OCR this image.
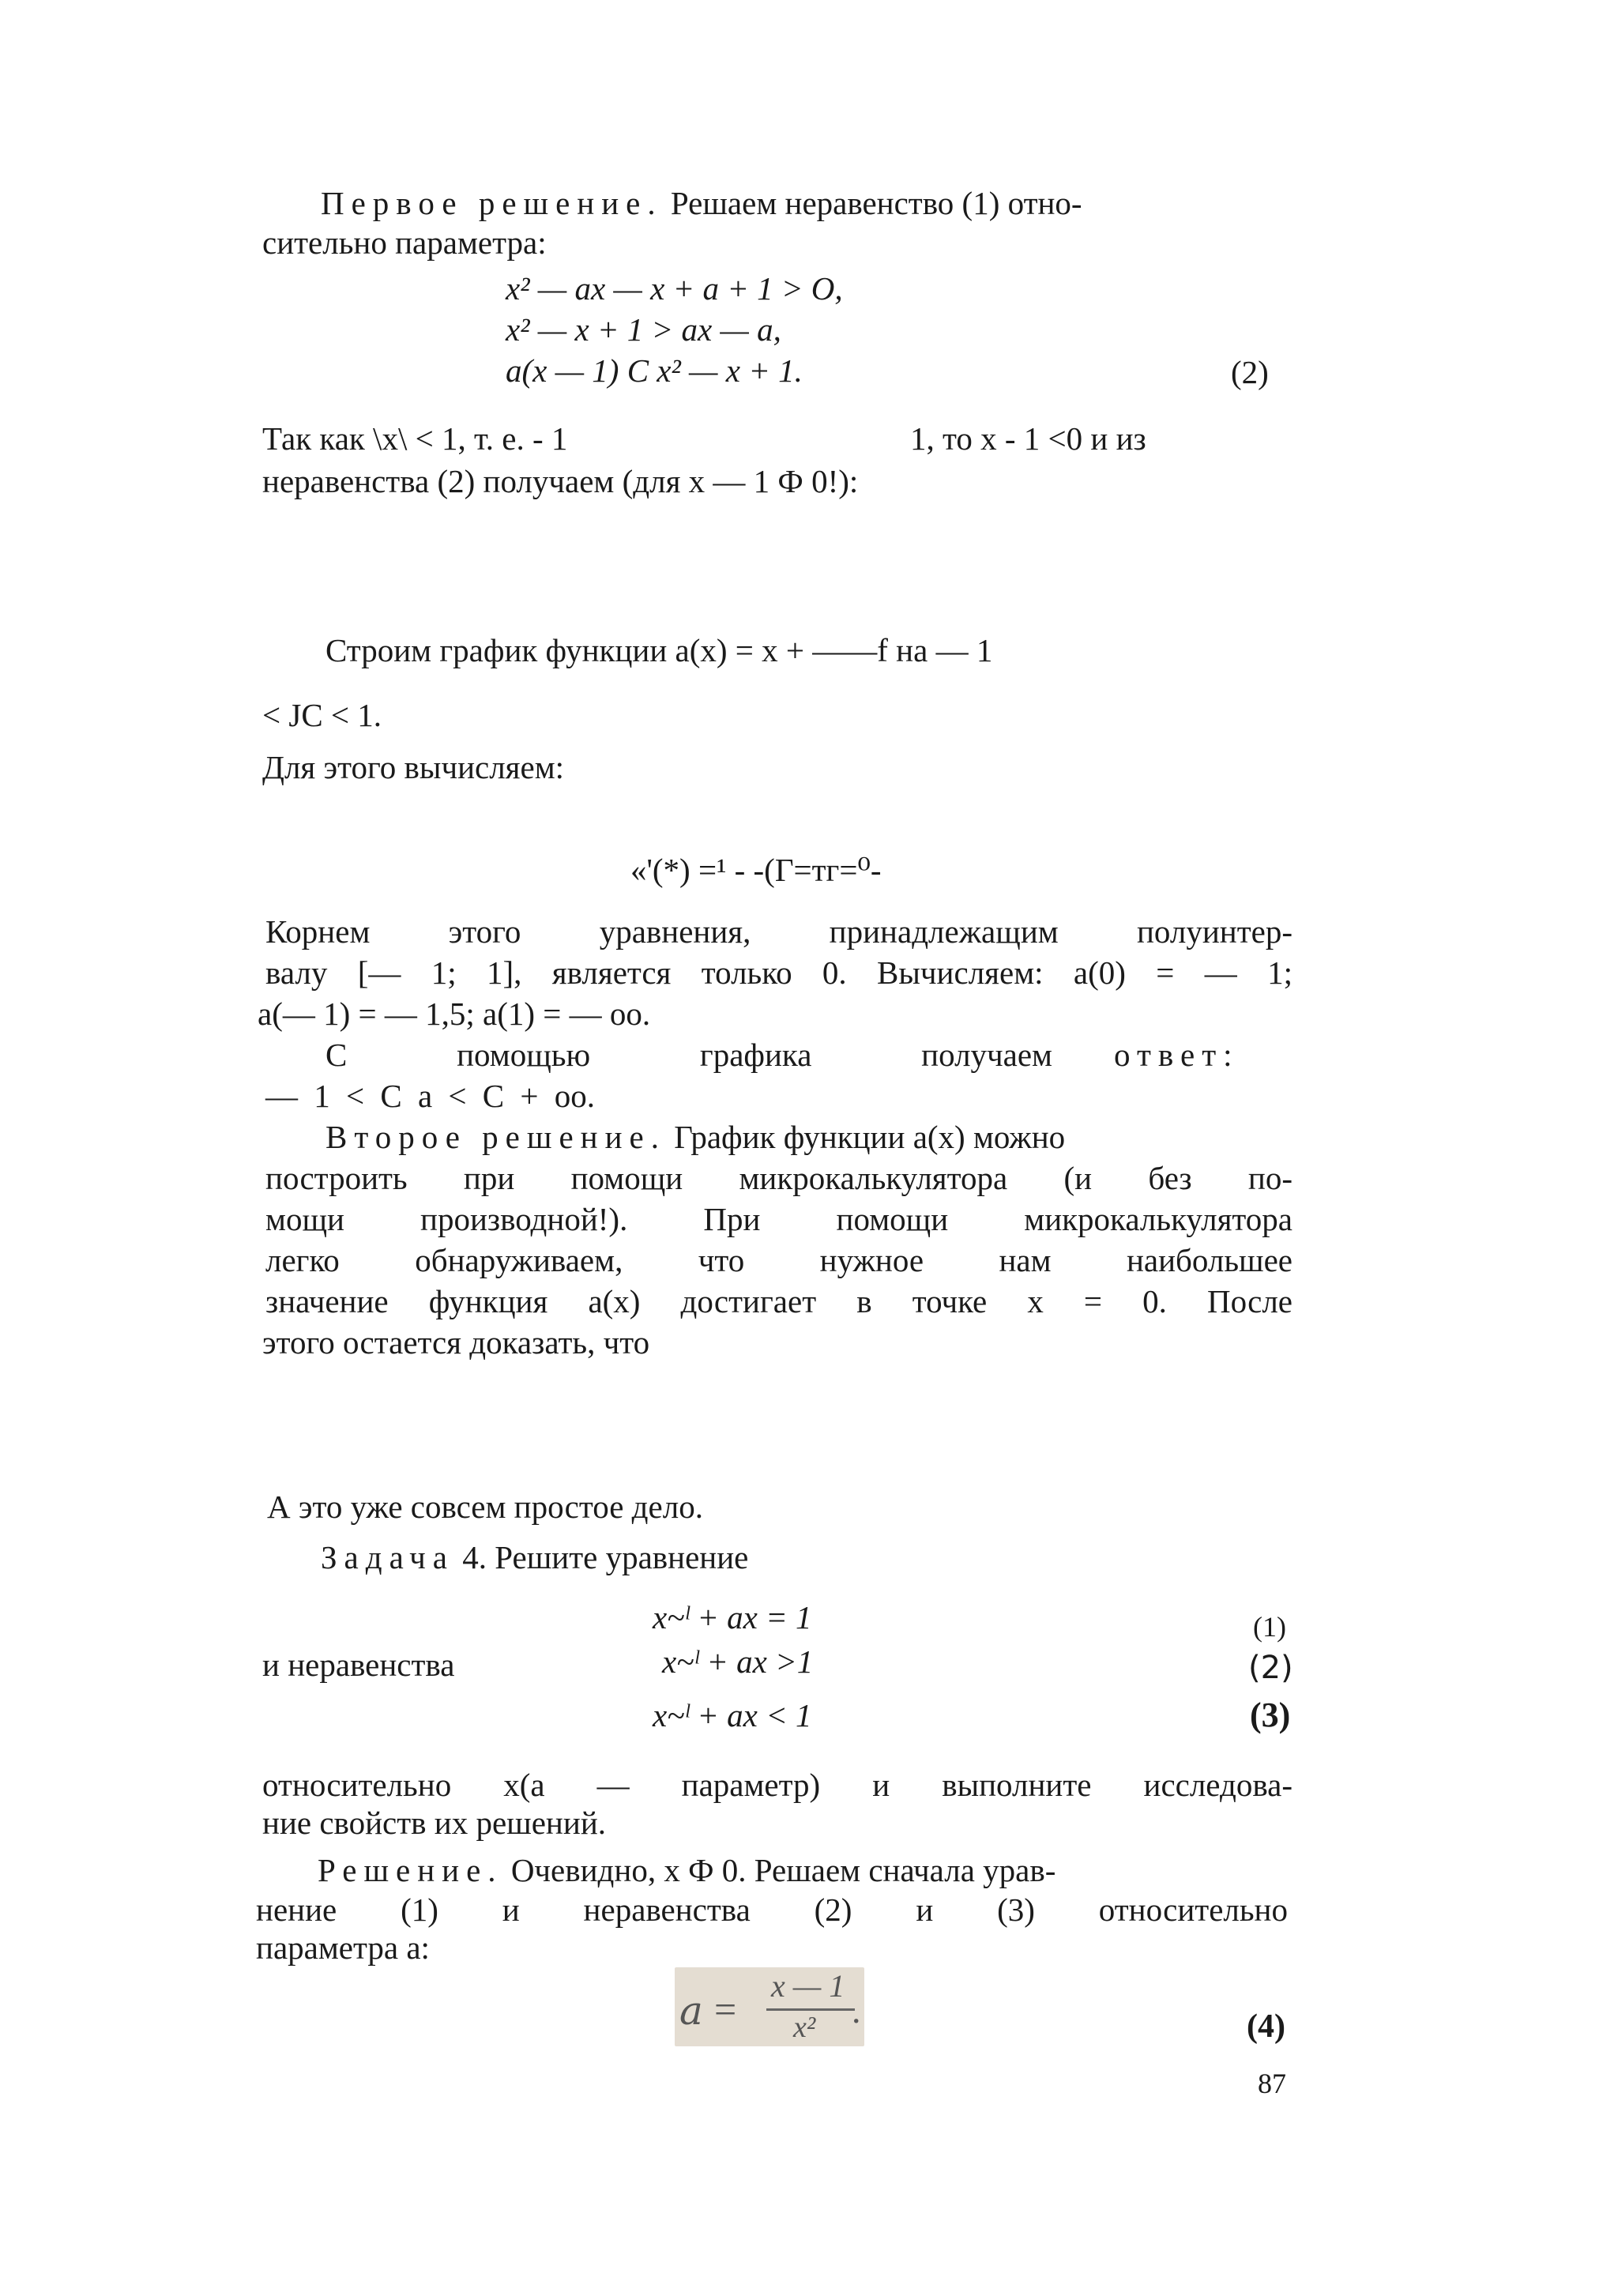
Первое решение. Решаем неравенство (1) отно-
сительно параметра:
x² — ax — x + a + 1 > O,
x² — x + 1 > ax — a,
a(x — 1) C x² — x + 1.	(2)
Так как \x\ < 1, т. е. - 1	1, то x - 1 <0 и из
неравенства (2) получаем (для x — 1 Ф 0!):
Строим график функции a(x) = x + ——f на — 1
< JC < 1.
Для этого вычисляем:
«'(*) =¹ - -(Г=тг=⁰-
Корнем этого уравнения, принадлежащим полуинтер-
валу [— 1; 1], является только 0. Вычисляем: a(0) = — 1;
a(— 1) = — 1,5; a(1) = — oo.
С помощью графика получаем ответ:
— 1 < C a < C + oo.
Второе решение. График функции a(x) можно
построить при помощи микрокалькулятора (и без по-
мощи производной!). При помощи микрокалькулятора
легко обнаруживаем, что нужное нам наибольшее
значение функция a(x) достигает в точке x = 0. После
этого остается доказать, что
А это уже совсем простое дело.
Задача 4. Решите уравнение
x~ˡ + ax = 1	(1)
и неравенства	x~ˡ + ax >1	(2)
x~ˡ + ax < 1	(3)
относительно x(a — параметр) и выполните исследова-
ние свойств их решений.
Решение. Очевидно, x Ф 0. Решаем сначала урав-
нение (1) и неравенства (2) и (3) относительно
параметра a:
a =
x — 1
x² .	(4)
87
